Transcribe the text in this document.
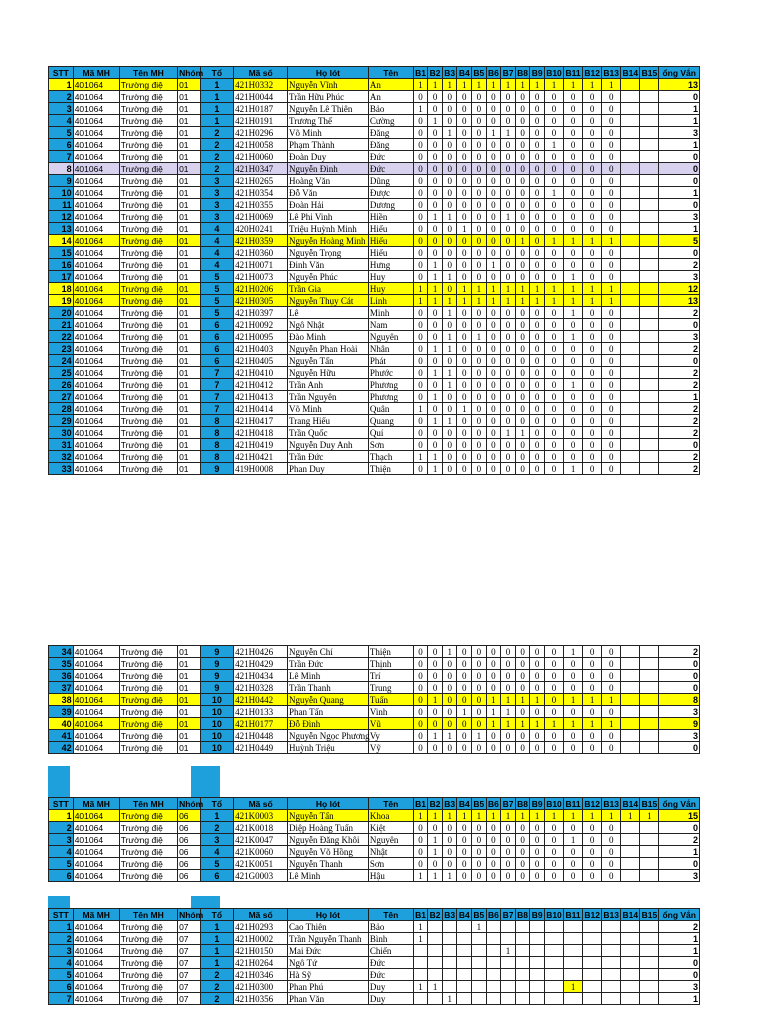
STT	Mã MH	Tên MH	Nhóm	Tổ	Mã số	Họ lót	Tên	B1	B2	B3	B4	B5	B6	B7	B8	B9	B10	B11	B12	B13	B14	B15	ổng Vắn
1	401064	Trường điệ	01	1	421H0332	Nguyễn Vĩnh	An	1	1	1	1	1	1	1	1	1	1	1	1	1			13
2	401064	Trường điệ	01	1	421H0044	Trần Hữu Phúc	An	0	0	0	0	0	0	0	0	0	0	0	0	0			0
3	401064	Trường điệ	01	1	421H0187	Nguyễn Lê Thiên	Bảo	1	0	0	0	0	0	0	0	0	0	0	0	0			1
4	401064	Trường điệ	01	1	421H0191	Trương Thế	Cường	0	1	0	0	0	0	0	0	0	0	0	0	0			1
5	401064	Trường điệ	01	2	421H0296	Võ Minh	Đăng	0	0	1	0	0	1	1	0	0	0	0	0	0			3
6	401064	Trường điệ	01	2	421H0058	Phạm Thành	Đăng	0	0	0	0	0	0	0	0	0	1	0	0	0			1
7	401064	Trường điệ	01	2	421H0060	Đoàn Duy	Đức	0	0	0	0	0	0	0	0	0	0	0	0	0			0
8	401064	Trường điệ	01	2	421H0347	Nguyễn Đình	Đức	0	0	0	0	0	0	0	0	0	0	0	0	0			0
9	401064	Trường điệ	01	3	421H0265	Hoàng Văn	Dũng	0	0	0	0	0	0	0	0	0	0	0	0	0			0
10	401064	Trường điệ	01	3	421H0354	Đỗ Văn	Được	0	0	0	0	0	0	0	0	0	1	0	0	0			1
11	401064	Trường điệ	01	3	421H0355	Đoàn Hải	Dương	0	0	0	0	0	0	0	0	0	0	0	0	0			0
12	401064	Trường điệ	01	3	421H0069	Lê Phi Vinh	Hiền	0	1	1	0	0	0	1	0	0	0	0	0	0			3
13	401064	Trường điệ	01	4	420H0241	Triệu Huỳnh Minh	Hiếu	0	0	0	1	0	0	0	0	0	0	0	0	0			1
14	401064	Trường điệ	01	4	421H0359	Nguyễn Hoàng Minh	Hiếu	0	0	0	0	0	0	0	1	0	1	1	1	1			5
15	401064	Trường điệ	01	4	421H0360	Nguyễn Trọng	Hiếu	0	0	0	0	0	0	0	0	0	0	0	0	0			0
16	401064	Trường điệ	01	4	421H0071	Đinh Văn	Hưng	0	1	0	0	0	1	0	0	0	0	0	0	0			2
17	401064	Trường điệ	01	5	421H0073	Nguyễn Phúc	Huy	0	1	1	0	0	0	0	0	0	0	1	0	0			3
18	401064	Trường điệ	01	5	421H0206	Trần Gia	Huy	1	1	0	1	1	1	1	1	1	1	1	1	1			12
19	401064	Trường điệ	01	5	421H0305	Nguyễn Thụy Cát	Linh	1	1	1	1	1	1	1	1	1	1	1	1	1			13
20	401064	Trường điệ	01	5	421H0397	Lê	Minh	0	0	1	0	0	0	0	0	0	0	1	0	0			2
21	401064	Trường điệ	01	6	421H0092	Ngô Nhật	Nam	0	0	0	0	0	0	0	0	0	0	0	0	0			0
22	401064	Trường điệ	01	6	421H0095	Đào Minh	Nguyên	0	0	1	0	1	0	0	0	0	0	1	0	0			3
23	401064	Trường điệ	01	6	421H0403	Nguyễn Phan Hoài	Nhân	0	1	1	0	0	0	0	0	0	0	0	0	0			2
24	401064	Trường điệ	01	6	421H0405	Nguyễn Tấn	Phát	0	0	0	0	0	0	0	0	0	0	0	0	0			0
25	401064	Trường điệ	01	7	421H0410	Nguyễn Hữu	Phước	0	1	1	0	0	0	0	0	0	0	0	0	0			2
26	401064	Trường điệ	01	7	421H0412	Trần Anh	Phương	0	0	1	0	0	0	0	0	0	0	1	0	0			2
27	401064	Trường điệ	01	7	421H0413	Trần Nguyên	Phương	0	1	0	0	0	0	0	0	0	0	0	0	0			1
28	401064	Trường điệ	01	7	421H0414	Võ Minh	Quân	1	0	0	1	0	0	0	0	0	0	0	0	0			2
29	401064	Trường điệ	01	8	421H0417	Trang Hiếu	Quang	0	1	1	0	0	0	0	0	0	0	0	0	0			2
30	401064	Trường điệ	01	8	421H0418	Trần Quốc	Quí	0	0	0	0	0	0	1	1	0	0	0	0	0			2
31	401064	Trường điệ	01	8	421H0419	Nguyễn Duy Anh	Sơn	0	0	0	0	0	0	0	0	0	0	0	0	0			0
32	401064	Trường điệ	01	8	421H0421	Trần Đức	Thạch	1	1	0	0	0	0	0	0	0	0	0	0	0			2
33	401064	Trường điệ	01	9	419H0008	Phan Duy	Thiện	0	1	0	0	0	0	0	0	0	0	1	0	0			2
34	401064	Trường điệ	01	9	421H0426	Nguyễn Chí	Thiện	0	0	1	0	0	0	0	0	0	0	1	0	0			2
35	401064	Trường điệ	01	9	421H0429	Trần Đức	Thịnh	0	0	0	0	0	0	0	0	0	0	0	0	0			0
36	401064	Trường điệ	01	9	421H0434	Lê Minh	Trí	0	0	0	0	0	0	0	0	0	0	0	0	0			0
37	401064	Trường điệ	01	9	421H0328	Trần Thanh	Trung	0	0	0	0	0	0	0	0	0	0	0	0	0			0
38	401064	Trường điệ	01	10	421H0442	Nguyễn Quang	Tuấn	0	1	0	0	0	1	1	1	1	0	1	1	1			8
39	401064	Trường điệ	01	10	421H0133	Phan Tấn	Vinh	0	0	0	1	0	1	1	0	0	0	0	0	0			3
40	401064	Trường điệ	01	10	421H0177	Đỗ Đình	Vũ	0	0	0	0	0	1	1	1	1	1	1	1	1			9
41	401064	Trường điệ	01	10	421H0448	Nguyễn Ngọc Phương	Vy	0	1	1	0	1	0	0	0	0	0	0	0	0			3
42	401064	Trường điệ	01	10	421H0449	Huỳnh Triệu	Vỹ	0	0	0	0	0	0	0	0	0	0	0	0	0			0
STT	Mã MH	Tên MH	Nhóm	Tổ	Mã số	Họ lót	Tên	B1	B2	B3	B4	B5	B6	B7	B8	B9	B10	B11	B12	B13	B14	B15	ổng Vắn
1	401064	Trường điệ	06	1	421K0003	Nguyễn Tấn	Khoa	1	1	1	1	1	1	1	1	1	1	1	1	1	1	1	15
2	401064	Trường điệ	06	2	421K0018	Diệp Hoàng Tuấn	Kiệt	0	0	0	0	0	0	0	0	0	0	0	0	0			0
3	401064	Trường điệ	06	3	421K0047	Nguyễn Đăng Khôi	Nguyên	0	1	0	0	0	0	0	0	0	0	1	0	0			2
4	401064	Trường điệ	06	4	421K0060	Nguyễn Võ Hồng	Nhật	0	1	0	0	0	0	0	0	0	0	0	0	0			1
5	401064	Trường điệ	06	5	421K0051	Nguyễn Thanh	Sơn	0	0	0	0	0	0	0	0	0	0	0	0	0			0
6	401064	Trường điệ	06	6	421G0003	Lê Minh	Hậu	1	1	1	0	0	0	0	0	0	0	0	0	0			3
STT	Mã MH	Tên MH	Nhóm	Tổ	Mã số	Họ lót	Tên	B1	B2	B3	B4	B5	B6	B7	B8	B9	B10	B11	B12	B13	B14	B15	ổng Vắn
1	401064	Trường điệ	07	1	421H0293	Cao Thiên	Bảo	1				1											2
2	401064	Trường điệ	07	1	421H0002	Trần Nguyễn Thanh	Bình	1															1
3	401064	Trường điệ	07	1	421H0150	Mai Đức	Chiến							1									1
4	401064	Trường điệ	07	1	421H0264	Ngô Tứ	Đức																0
5	401064	Trường điệ	07	2	421H0346	Hà Sỹ	Đức																0
6	401064	Trường điệ	07	2	421H0300	Phan Phú	Duy	1	1									1					3
7	401064	Trường điệ	07	2	421H0356	Phan Văn	Duy			1													1
